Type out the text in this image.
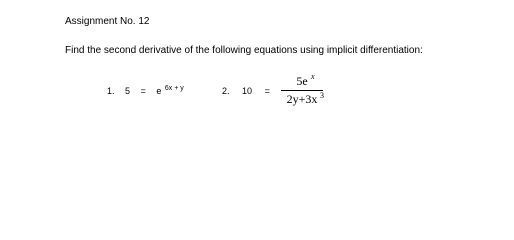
Assignment No. 12
Find the second derivative of the following equations using implicit differentiation:
1. 5 = e $^{6x + y}$	2. 10 =
5e x
2y+3x 3
